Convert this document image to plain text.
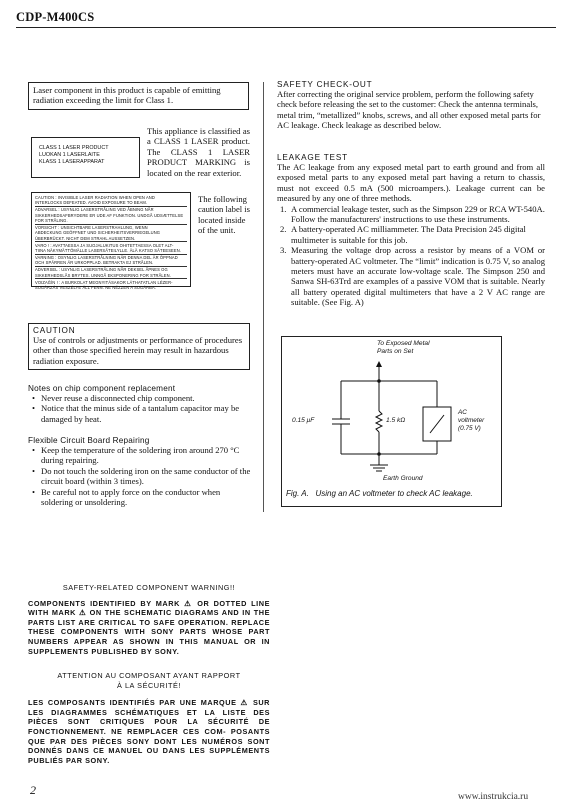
CDP-M400CS

Laser component in this product is capable of emitting radiation exceeding the limit for Class 1.

CLASS 1 LASER PRODUCT
LUOKAN 1 LASERLAITE
KLASS 1 LASERAPPARAT

This appliance is classified as a CLASS 1 LASER product. The CLASS 1 LASER PRODUCT MARKING is located on the rear exterior.

CAUTION : INVISIBLE LASER RADIATION WHEN OPEN AND
INTERLOCKS DEFEATED. AVOID EXPOSURE TO BEAM.
ADVARSEL : USYNLIG LASERSTRÅLING VED ÅBNING NÅR
SIKKERHEDSAFBRYDERE ER UDE AF FUNKTION. UNDGÅ UDSÆTTELSE
FOR STRÅLING.
VORSICHT : UNSICHTBARE LASERSTRAHLUNG, WENN
ABDECKUNG GEÖFFNET UND SICHERHEITSVERRIEGELUNG
ÜBERBRÜCKT. NICHT DEM STRAHL AUSSETZEN.
VARO ! : AVATTAESSA JA SUOJALUKITUS OHITETTAESSA OLET ALT-
TIINA NÄKYMÄTTÖMÄLLE LASERSÄTEILYLLE. ÄLÄ KATSO SÄTEESEEN.
VARNING : OSYNLIG LASERSTRÅLNING NÄR DENNA DEL ÄR ÖPPNAD
OCH SPÄRREN ÄR URKOPPLAD. BETRAKTA EJ STRÅLEN.
ADVERSEL : USYNLIG LASERSTRÅLING NÅR DEKSEL ÅPNES OG
SIKKERHEDSLÅS BRYTES. UNNGÅ EKSPONERING FOR STRÅLEN.
VOIZAĞİN ! : A BURKOLAT MEGNYITÁSAKOR LÁTHATATLAN LÉZER-
SUGÁRZÁS VESZÉLYE ÁLL FENN. NE NÉZZEN A SUGÁRBA.

The following caution label is located inside of the unit.

CAUTION

Use of controls or adjustments or performance of procedures other than those specified herein may result in hazardous radiation exposure.

Notes on chip component replacement
• Never reuse a disconnected chip component.
• Notice that the minus side of a tantalum capacitor may be damaged by heat.
Flexible Circuit Board Repairing
• Keep the temperature of the soldering iron around 270 °C during repairing.
• Do not touch the soldering iron on the same conductor of the circuit board (within 3 times).
• Be careful not to apply force on the conductor when soldering or unsoldering.
SAFETY CHECK-OUT

After correcting the original service problem, perform the following safety check before releasing the set to the customer: Check the antenna terminals, metal trim, “metallized” knobs, screws, and all other exposed metal parts for AC leakage. Check leakage as described below.

LEAKAGE TEST

The AC leakage from any exposed metal part to earth ground and from all exposed metal parts to any exposed metal part having a return to chassis, must not exceed 0.5 mA (500 microampers.). Leakage current can be measured by any one of three methods.

1. A commercial leakage tester, such as the Simpson 229 or RCA WT-540A. Follow the manufacturers' instructions to use these instruments.
2. A battery-operated AC milliammeter. The Data Precision 245 digital multimeter is suitable for this job.
3. Measuring the voltage drop across a resistor by means of a VOM or battery-operated AC voltmeter. The “limit” indication is 0.75 V, so analog meters must have an accurate low-voltage scale. The Simpson 250 and Sanwa SH-63Trd are examples of a passive VOM that is suitable. Nearly all battery operated digital multimeters that have a 2 V AC range are suitable. (See Fig. A)
To Exposed Metal
Parts on Set
0.15 μF	1.5 kΩ
AC
voltmeter
(0.75 V)
Earth Ground
Fig. A.   Using an AC voltmeter to check AC leakage.
SAFETY-RELATED COMPONENT WARNING!!
COMPONENTS IDENTIFIED BY MARK ⚠ OR DOTTED LINE WITH MARK ⚠ ON THE SCHEMATIC DIAGRAMS AND IN THE PARTS LIST ARE CRITICAL TO SAFE OPERATION. REPLACE THESE COMPONENTS WITH SONY PARTS WHOSE PART NUMBERS APPEAR AS SHOWN IN THIS MANUAL OR IN SUPPLEMENTS PUBLISHED BY SONY.
ATTENTION AU COMPOSANT AYANT RAPPORT
À LA SÉCURITÉ!
LES COMPOSANTS IDENTIFIÉS PAR UNE MARQUE ⚠ SUR LES DIAGRAMMES SCHÉMATIQUES ET LA LISTE DES PIÈCES SONT CRITIQUES POUR LA SÉCURITÉ DE FONCTIONNEMENT. NE REMPLACER CES COM- POSANTS QUE PAR DES PIÈCES SONY DONT LES NUMÉROS SONT DONNÉS DANS CE MANUEL OU DANS LES SUPPLÉMENTS PUBLIÉS PAR SONY.
2	www.instrukcia.ru
